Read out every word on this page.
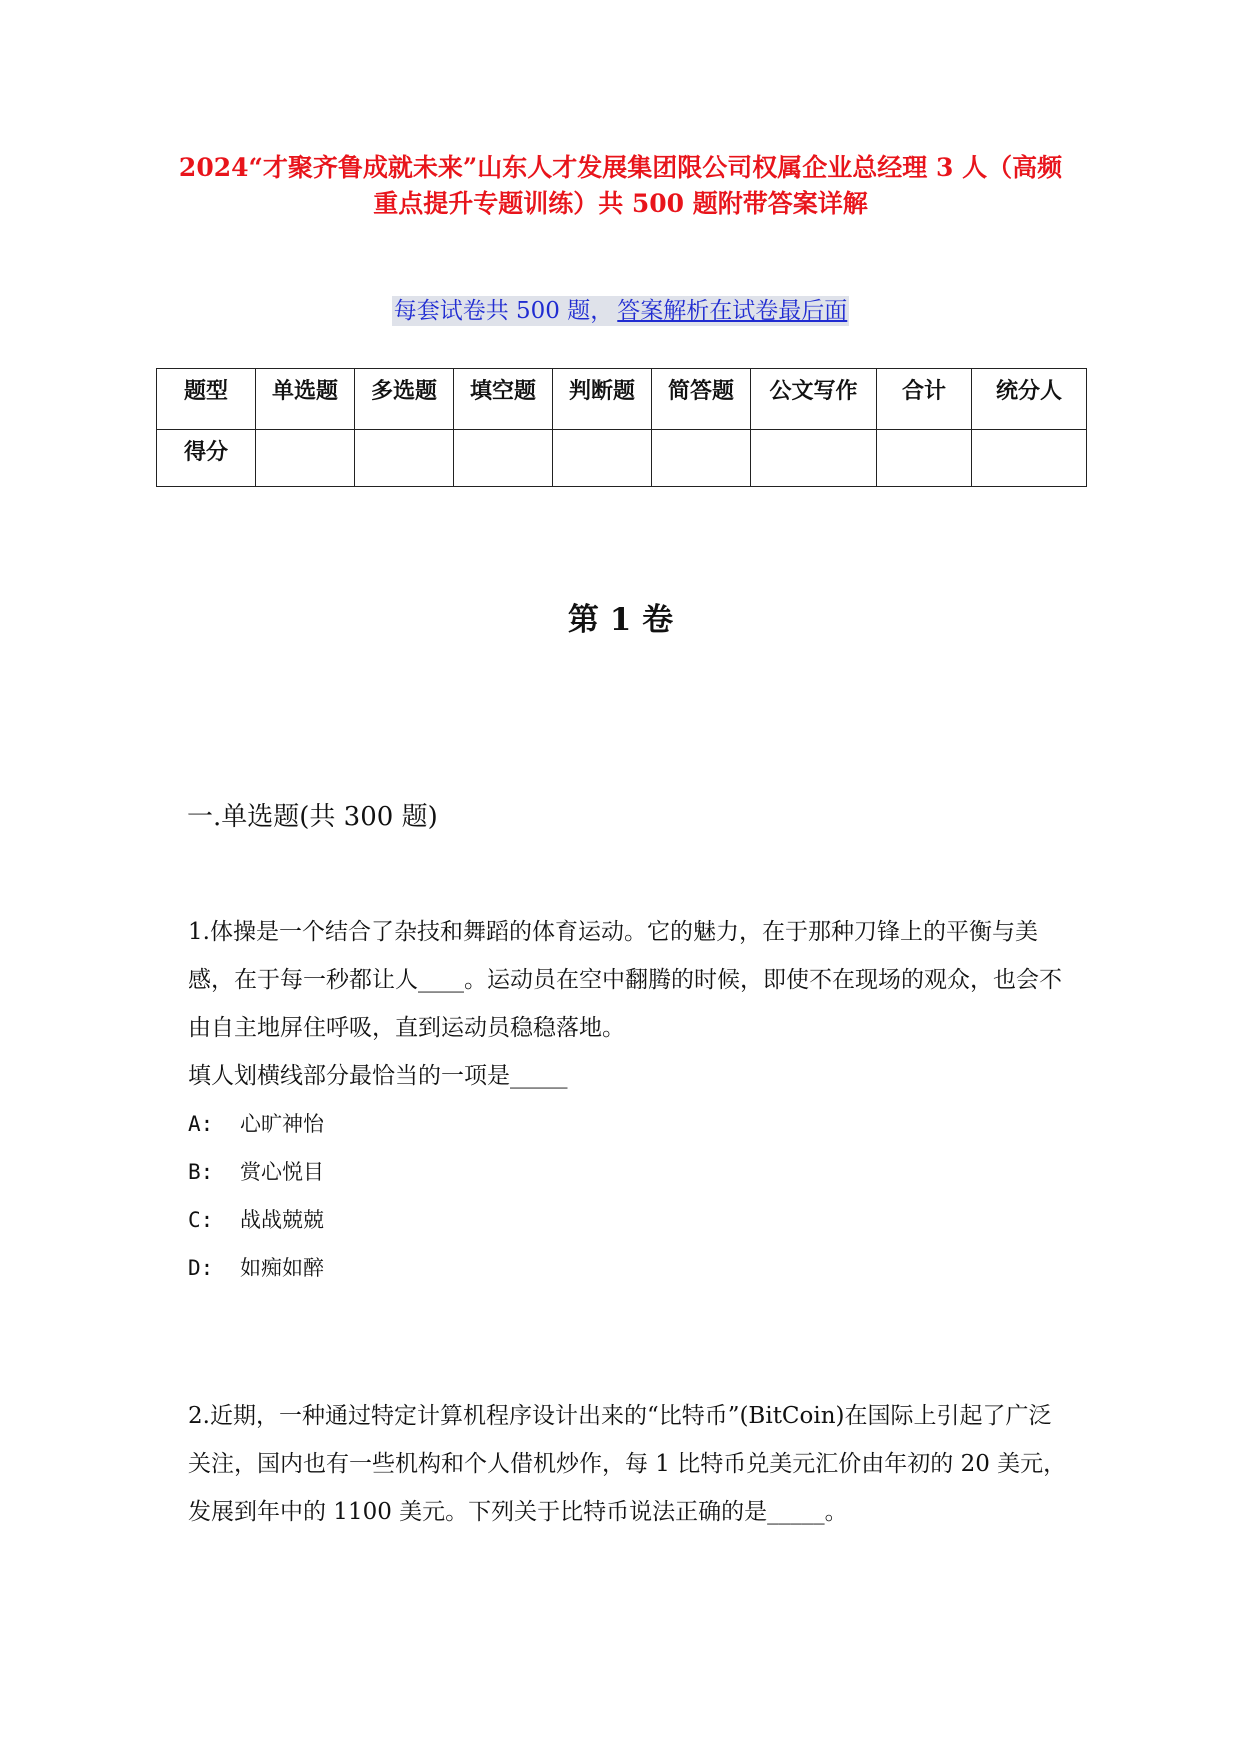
2024“才聚齐鲁成就未来”山东人才发展集团限公司权属企业总经理 3 人（高频
重点提升专题训练）共 500 题附带答案详解
每套试卷共 500 题， 答案解析在试卷最后面
题型	单选题	多选题	填空题	判断题	简答题	公文写作	合计	统分人
得分								
第 1 卷
一.单选题(共 300 题)
1.体操是一个结合了杂技和舞蹈的体育运动。它的魅力，在于那种刀锋上的平衡与美感，在于每一秒都让人____。运动员在空中翻腾的时候，即使不在现场的观众，也会不由自主地屏住呼吸，直到运动员稳稳落地。
填人划横线部分最恰当的一项是_____
A:	心旷神怡
B:	赏心悦目
C:	战战兢兢
D:	如痴如醉
2.近期，一种通过特定计算机程序设计出来的“比特币”(BitCoin)在国际上引起了广泛关注，国内也有一些机构和个人借机炒作，每 1 比特币兑美元汇价由年初的 20 美元，发展到年中的 1100 美元。下列关于比特币说法正确的是_____。
